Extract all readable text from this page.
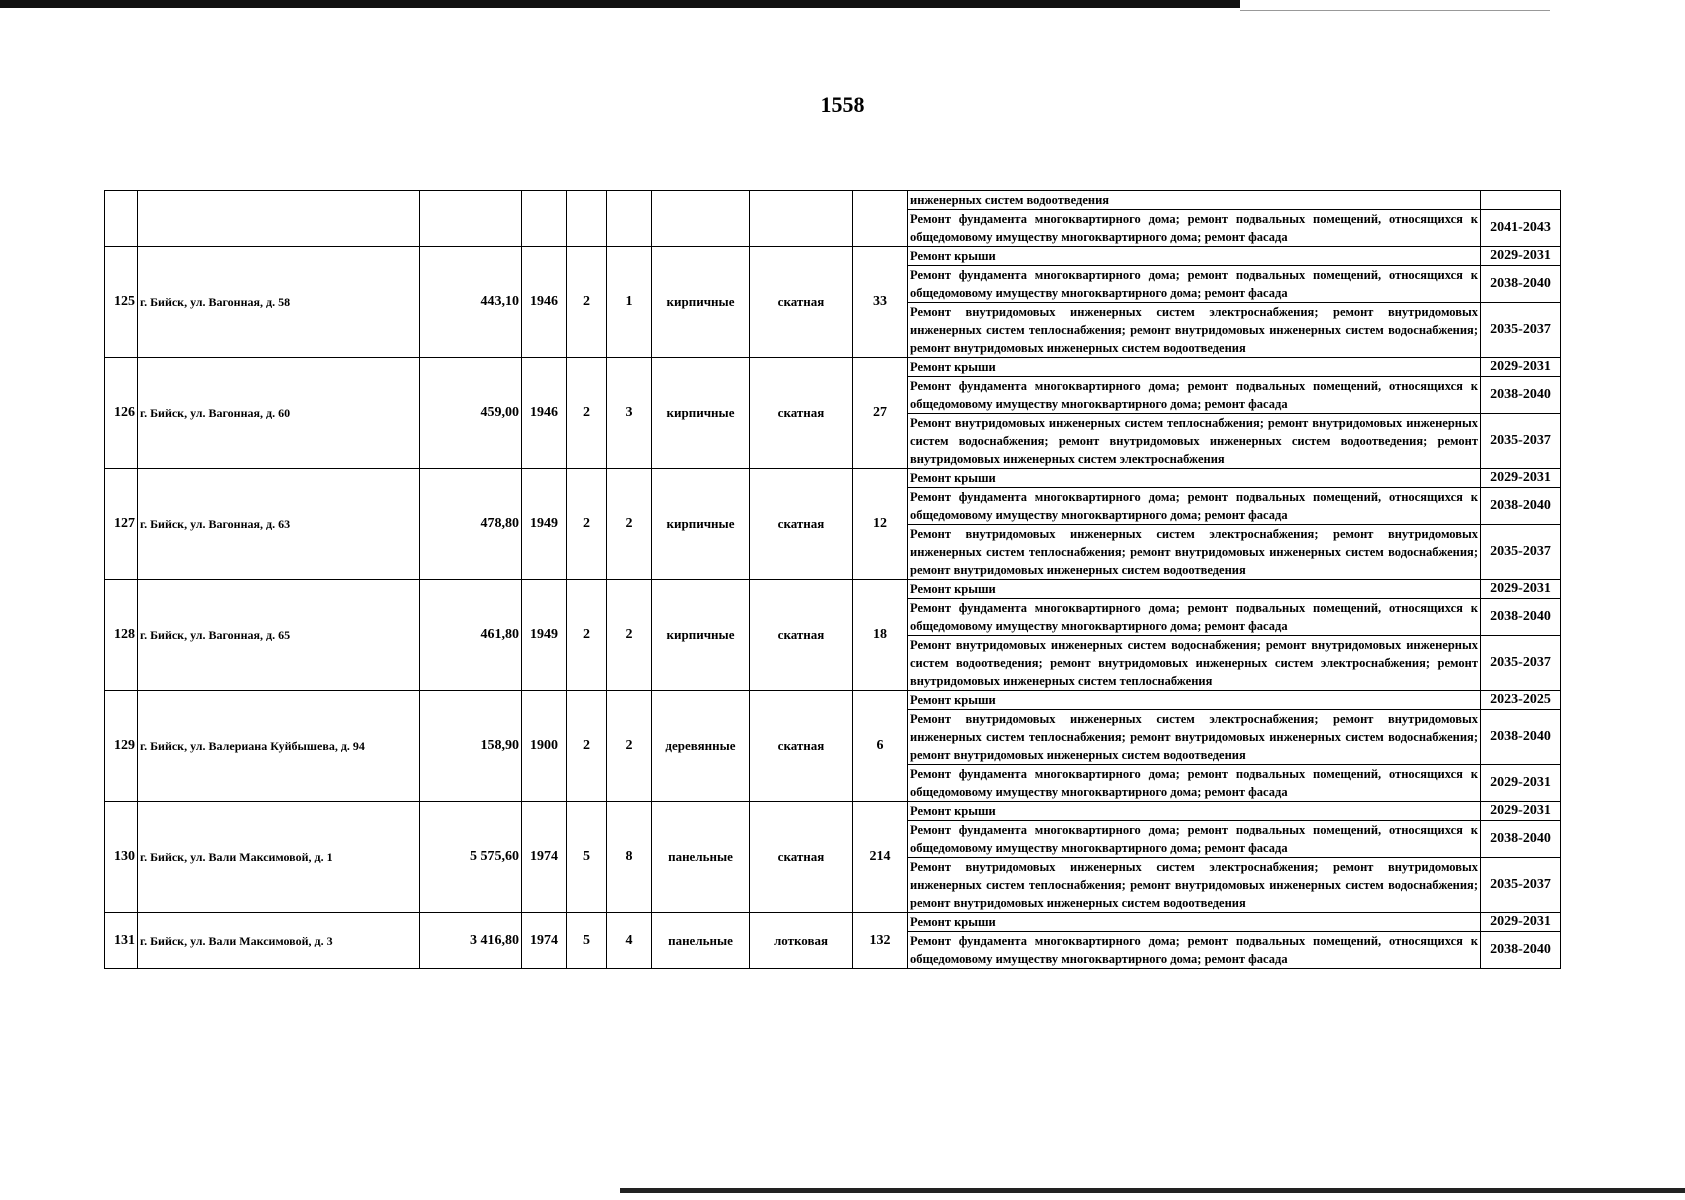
1558
									инженерных систем водоотведения	
									Ремонт фундамента многоквартирного дома; ремонт подвальных помещений, относящихся к общедомовому имуществу многоквартирного дома; ремонт фасада	2041-2043
125	г. Бийск, ул. Вагонная, д. 58	443,10	1946	2	1	кирпичные	скатная	33	Ремонт крыши	2029-2031
									Ремонт фундамента многоквартирного дома; ремонт подвальных помещений, относящихся к общедомовому имуществу многоквартирного дома; ремонт фасада	2038-2040
									Ремонт внутридомовых инженерных систем электроснабжения; ремонт внутридомовых инженерных систем теплоснабжения; ремонт внутридомовых инженерных систем водоснабжения; ремонт внутридомовых инженерных систем водоотведения	2035-2037
126	г. Бийск, ул. Вагонная, д. 60	459,00	1946	2	3	кирпичные	скатная	27	Ремонт крыши	2029-2031
									Ремонт фундамента многоквартирного дома; ремонт подвальных помещений, относящихся к общедомовому имуществу многоквартирного дома; ремонт фасада	2038-2040
									Ремонт внутридомовых инженерных систем теплоснабжения; ремонт внутридомовых инженерных систем водоснабжения; ремонт внутридомовых инженерных систем водоотведения; ремонт внутридомовых инженерных систем электроснабжения	2035-2037
127	г. Бийск, ул. Вагонная, д. 63	478,80	1949	2	2	кирпичные	скатная	12	Ремонт крыши	2029-2031
									Ремонт фундамента многоквартирного дома; ремонт подвальных помещений, относящихся к общедомовому имуществу многоквартирного дома; ремонт фасада	2038-2040
									Ремонт внутридомовых инженерных систем электроснабжения; ремонт внутридомовых инженерных систем теплоснабжения; ремонт внутридомовых инженерных систем водоснабжения; ремонт внутридомовых инженерных систем водоотведения	2035-2037
128	г. Бийск, ул. Вагонная, д. 65	461,80	1949	2	2	кирпичные	скатная	18	Ремонт крыши	2029-2031
									Ремонт фундамента многоквартирного дома; ремонт подвальных помещений, относящихся к общедомовому имуществу многоквартирного дома; ремонт фасада	2038-2040
									Ремонт внутридомовых инженерных систем водоснабжения; ремонт внутридомовых инженерных систем водоотведения; ремонт внутридомовых инженерных систем электроснабжения; ремонт внутридомовых инженерных систем теплоснабжения	2035-2037
129	г. Бийск, ул. Валериана Куйбышева, д. 94	158,90	1900	2	2	деревянные	скатная	6	Ремонт крыши	2023-2025
									Ремонт внутридомовых инженерных систем электроснабжения; ремонт внутридомовых инженерных систем теплоснабжения; ремонт внутридомовых инженерных систем водоснабжения; ремонт внутридомовых инженерных систем водоотведения	2038-2040
									Ремонт фундамента многоквартирного дома; ремонт подвальных помещений, относящихся к общедомовому имуществу многоквартирного дома; ремонт фасада	2029-2031
130	г. Бийск, ул. Вали Максимовой, д. 1	5 575,60	1974	5	8	панельные	скатная	214	Ремонт крыши	2029-2031
									Ремонт фундамента многоквартирного дома; ремонт подвальных помещений, относящихся к общедомовому имуществу многоквартирного дома; ремонт фасада	2038-2040
									Ремонт внутридомовых инженерных систем электроснабжения; ремонт внутридомовых инженерных систем теплоснабжения; ремонт внутридомовых инженерных систем водоснабжения; ремонт внутридомовых инженерных систем водоотведения	2035-2037
131	г. Бийск, ул. Вали Максимовой, д. 3	3 416,80	1974	5	4	панельные	лотковая	132	Ремонт крыши	2029-2031
									Ремонт фундамента многоквартирного дома; ремонт подвальных помещений, относящихся к общедомовому имуществу многоквартирного дома; ремонт фасада	2038-2040
